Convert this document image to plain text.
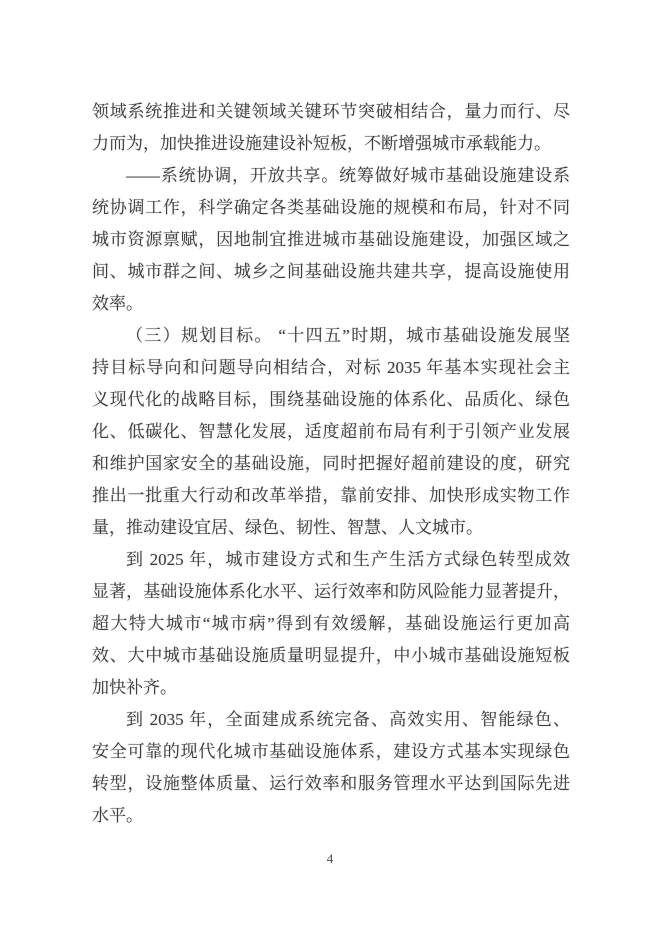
领域系统推进和关键领域关键环节突破相结合，量力而行、尽
力而为，加快推进设施建设补短板，不断增强城市承载能力。
——系统协调，开放共享。统筹做好城市基础设施建设系
统协调工作，科学确定各类基础设施的规模和布局，针对不同
城市资源禀赋，因地制宜推进城市基础设施建设，加强区域之
间、城市群之间、城乡之间基础设施共建共享，提高设施使用
效率。
（三）规划目标。 “十四五”时期，城市基础设施发展坚
持目标导向和问题导向相结合，对标 2035 年基本实现社会主
义现代化的战略目标，围绕基础设施的体系化、品质化、绿色
化、低碳化、智慧化发展，适度超前布局有利于引领产业发展
和维护国家安全的基础设施，同时把握好超前建设的度，研究
推出一批重大行动和改革举措，靠前安排、加快形成实物工作
量，推动建设宜居、绿色、韧性、智慧、人文城市。
到 2025 年，城市建设方式和生产生活方式绿色转型成效
显著，基础设施体系化水平、运行效率和防风险能力显著提升，
超大特大城市“城市病”得到有效缓解，基础设施运行更加高
效、大中城市基础设施质量明显提升，中小城市基础设施短板
加快补齐。
到 2035 年，全面建成系统完备、高效实用、智能绿色、
安全可靠的现代化城市基础设施体系，建设方式基本实现绿色
转型，设施整体质量、运行效率和服务管理水平达到国际先进
水平。
4
